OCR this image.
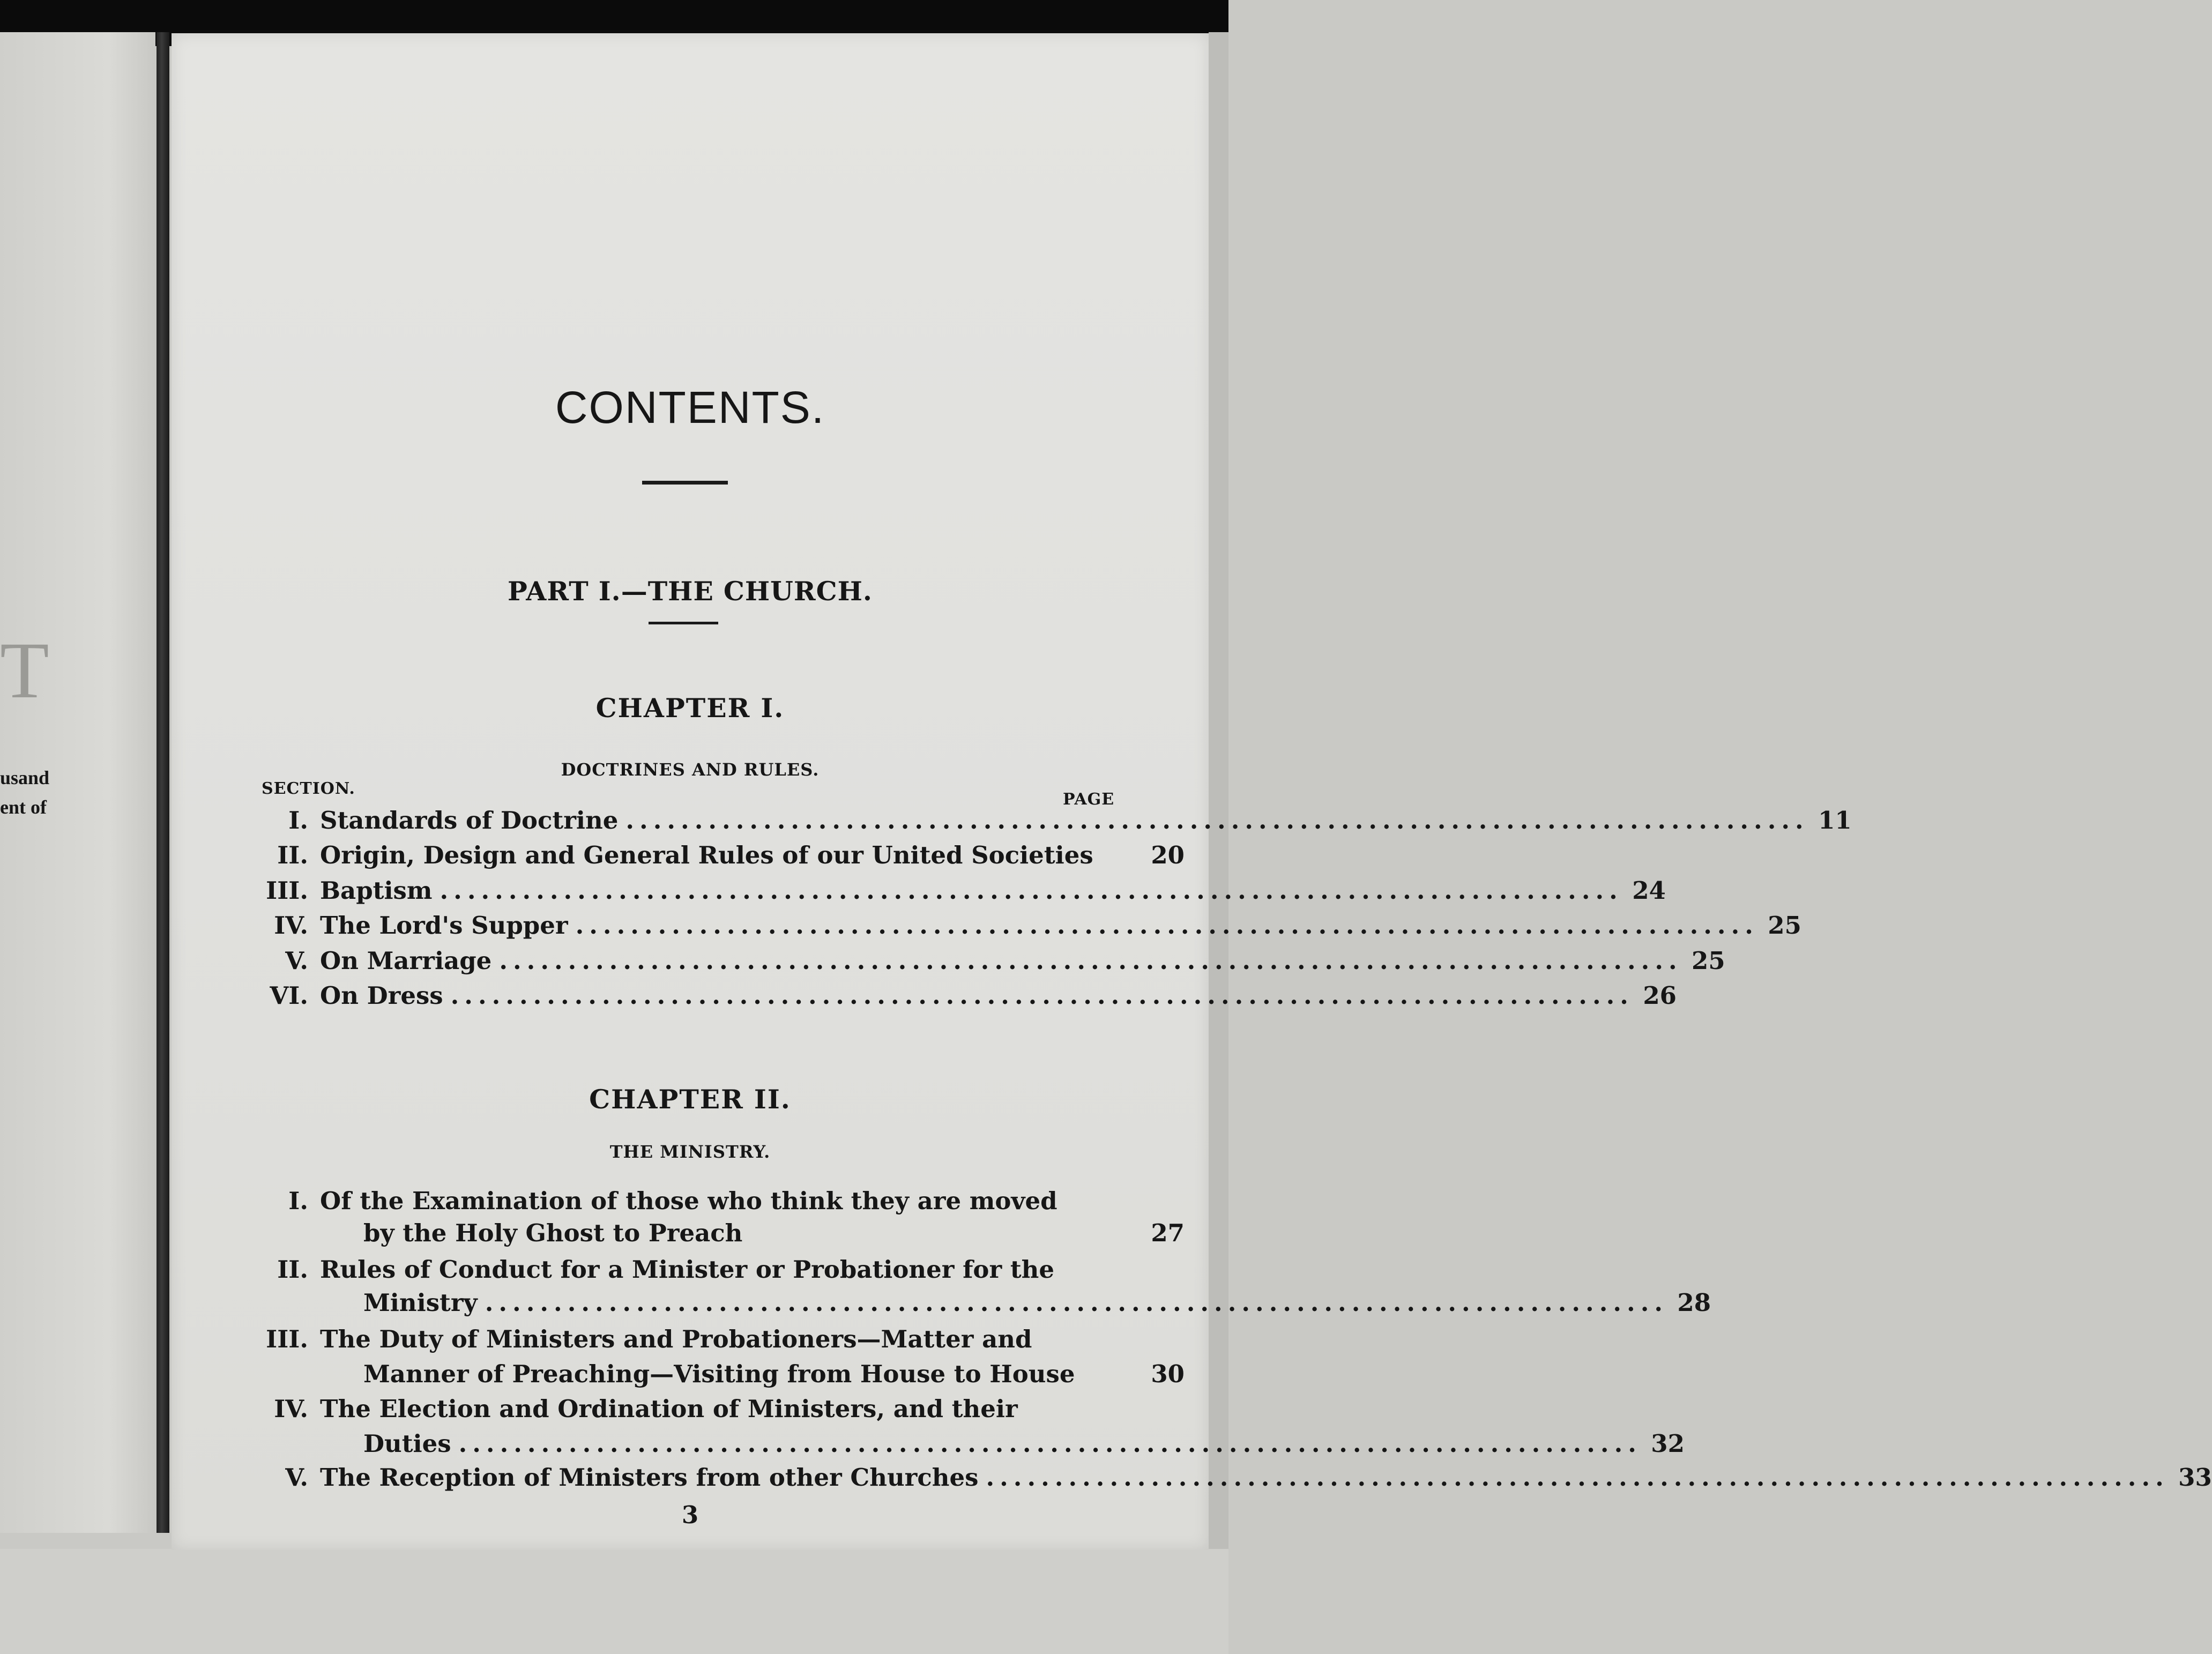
T
usand
ent of
CONTENTS.
PART I.—THE CHURCH.
CHAPTER I.
DOCTRINES AND RULES.
SECTION.
PAGE
I. Standards of Doctrine ...................................................................................... 11
II. Origin, Design and General Rules of our United Societies 20
III. Baptism ...................................................................................... 24
IV. The Lord's Supper ...................................................................................... 25
V. On Marriage ...................................................................................... 25
VI. On Dress ...................................................................................... 26
CHAPTER II.
THE MINISTRY.
I. Of the Examination of those who think they are moved
by the Holy Ghost to Preach	27
II. Rules of Conduct for a Minister or Probationer for the
Ministry ...................................................................................... 28
III. The Duty of Ministers and Probationers—Matter and
Manner of Preaching—Visiting from House to House	30
IV. The Election and Ordination of Ministers, and their
Duties ...................................................................................... 32
V. The Reception of Ministers from other Churches ...................................................................................... 33
3
